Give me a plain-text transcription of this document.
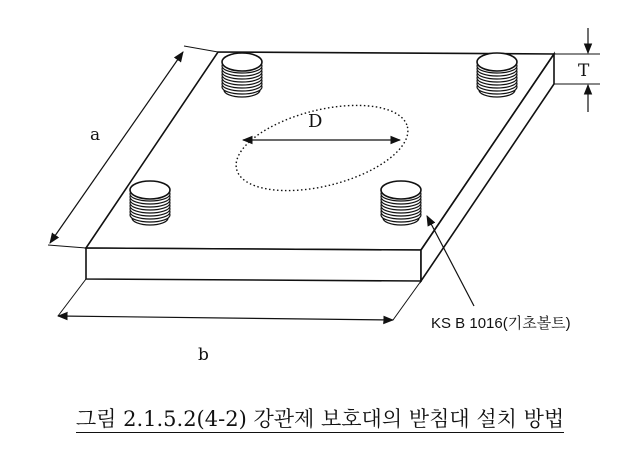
D
a
b
T
KS B 1016(기초볼트)
그림 2.1.5.2(4-2) 강관제 보호대의 받침대 설치 방법
